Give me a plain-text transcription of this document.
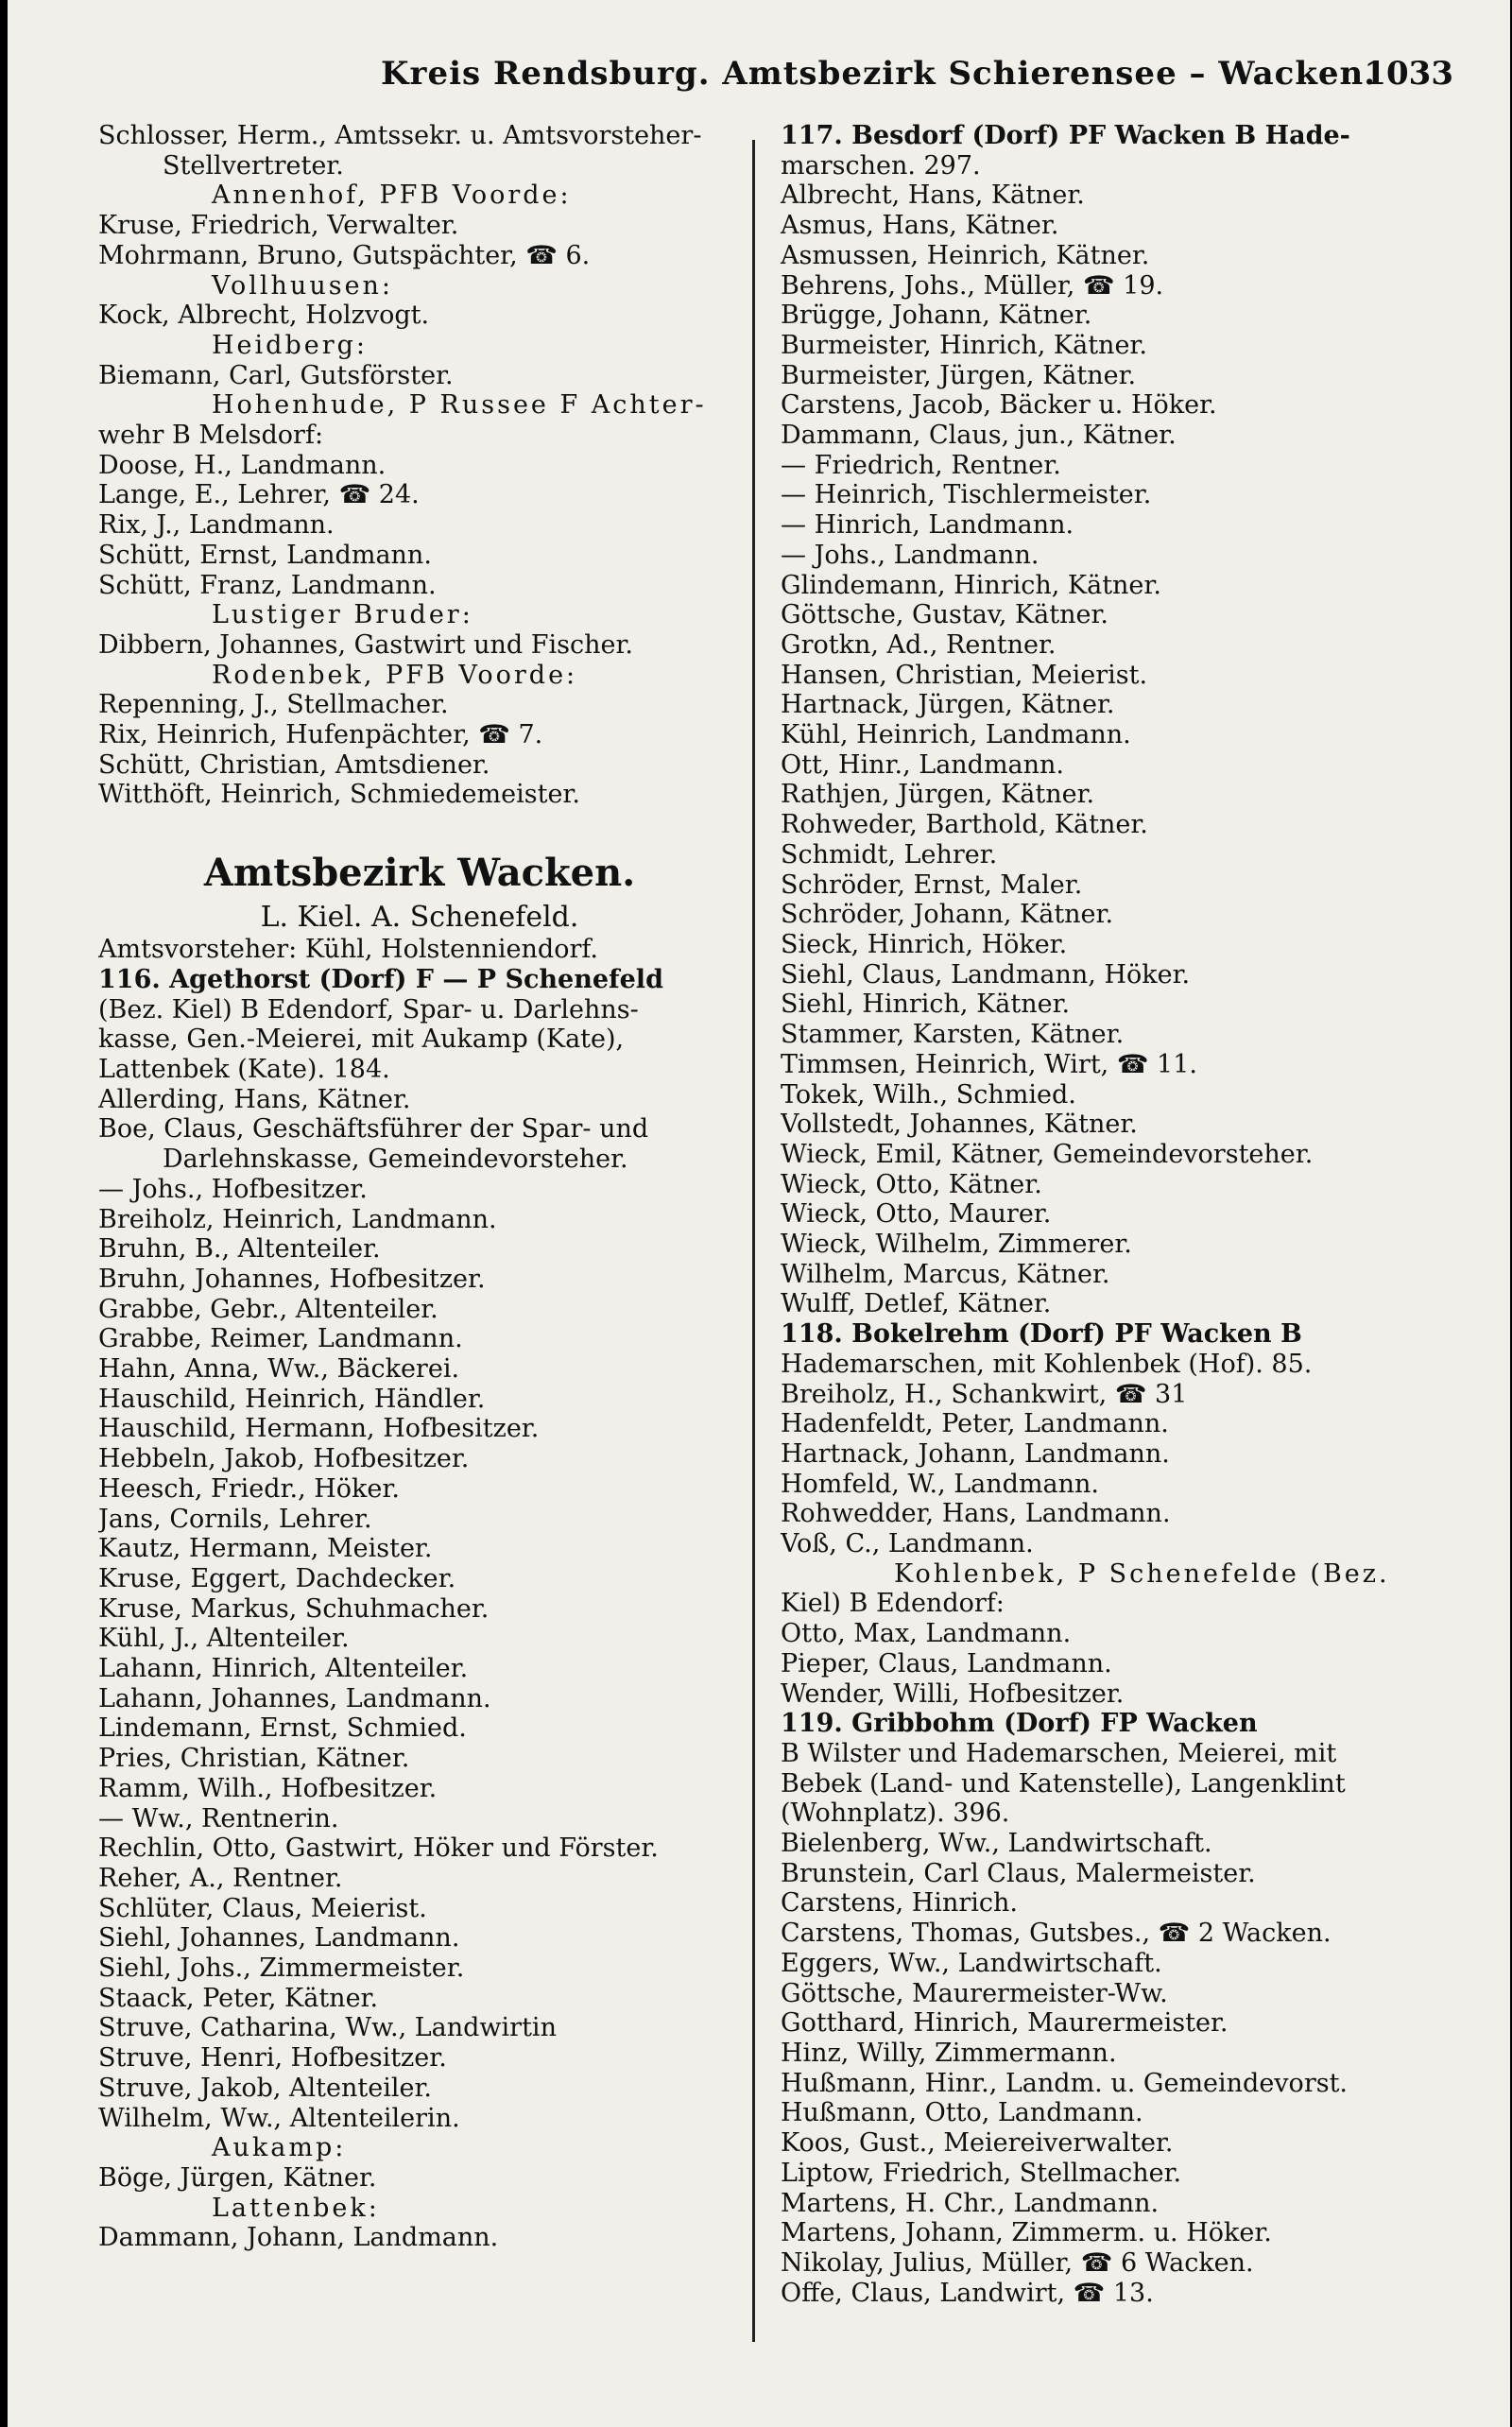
Kreis Rendsburg. Amtsbezirk Schierensee – Wacken.
1033
Schlosser, Herm., Amtssekr. u. Amtsvorsteher-
Stellvertreter.
Annenhof, PFB Voorde:
Kruse, Friedrich, Verwalter.
Mohrmann, Bruno, Gutspächter, ☎ 6.
Vollhuusen:
Kock, Albrecht, Holzvogt.
Heidberg:
Biemann, Carl, Gutsförster.
Hohenhude, P Russee F Achter-
wehr B Melsdorf:
Doose, H., Landmann.
Lange, E., Lehrer, ☎ 24.
Rix, J., Landmann.
Schütt, Ernst, Landmann.
Schütt, Franz, Landmann.
Lustiger Bruder:
Dibbern, Johannes, Gastwirt und Fischer.
Rodenbek, PFB Voorde:
Repenning, J., Stellmacher.
Rix, Heinrich, Hufenpächter, ☎ 7.
Schütt, Christian, Amtsdiener.
Witthöft, Heinrich, Schmiedemeister.
Amtsbezirk Wacken.
L. Kiel. A. Schenefeld.
Amtsvorsteher: Kühl, Holstenniendorf.
116. Agethorst (Dorf) F — P Schenefeld
(Bez. Kiel) B Edendorf, Spar- u. Darlehns-
kasse, Gen.-Meierei, mit Aukamp (Kate),
Lattenbek (Kate). 184.
Allerding, Hans, Kätner.
Boe, Claus, Geschäftsführer der Spar- und
Darlehnskasse, Gemeindevorsteher.
— Johs., Hofbesitzer.
Breiholz, Heinrich, Landmann.
Bruhn, B., Altenteiler.
Bruhn, Johannes, Hofbesitzer.
Grabbe, Gebr., Altenteiler.
Grabbe, Reimer, Landmann.
Hahn, Anna, Ww., Bäckerei.
Hauschild, Heinrich, Händler.
Hauschild, Hermann, Hofbesitzer.
Hebbeln, Jakob, Hofbesitzer.
Heesch, Friedr., Höker.
Jans, Cornils, Lehrer.
Kautz, Hermann, Meister.
Kruse, Eggert, Dachdecker.
Kruse, Markus, Schuhmacher.
Kühl, J., Altenteiler.
Lahann, Hinrich, Altenteiler.
Lahann, Johannes, Landmann.
Lindemann, Ernst, Schmied.
Pries, Christian, Kätner.
Ramm, Wilh., Hofbesitzer.
— Ww., Rentnerin.
Rechlin, Otto, Gastwirt, Höker und Förster.
Reher, A., Rentner.
Schlüter, Claus, Meierist.
Siehl, Johannes, Landmann.
Siehl, Johs., Zimmermeister.
Staack, Peter, Kätner.
Struve, Catharina, Ww., Landwirtin
Struve, Henri, Hofbesitzer.
Struve, Jakob, Altenteiler.
Wilhelm, Ww., Altenteilerin.
Aukamp:
Böge, Jürgen, Kätner.
Lattenbek:
Dammann, Johann, Landmann.
117. Besdorf (Dorf) PF Wacken B Hade-
marschen. 297.
Albrecht, Hans, Kätner.
Asmus, Hans, Kätner.
Asmussen, Heinrich, Kätner.
Behrens, Johs., Müller, ☎ 19.
Brügge, Johann, Kätner.
Burmeister, Hinrich, Kätner.
Burmeister, Jürgen, Kätner.
Carstens, Jacob, Bäcker u. Höker.
Dammann, Claus, jun., Kätner.
— Friedrich, Rentner.
— Heinrich, Tischlermeister.
— Hinrich, Landmann.
— Johs., Landmann.
Glindemann, Hinrich, Kätner.
Göttsche, Gustav, Kätner.
Grotkn, Ad., Rentner.
Hansen, Christian, Meierist.
Hartnack, Jürgen, Kätner.
Kühl, Heinrich, Landmann.
Ott, Hinr., Landmann.
Rathjen, Jürgen, Kätner.
Rohweder, Barthold, Kätner.
Schmidt, Lehrer.
Schröder, Ernst, Maler.
Schröder, Johann, Kätner.
Sieck, Hinrich, Höker.
Siehl, Claus, Landmann, Höker.
Siehl, Hinrich, Kätner.
Stammer, Karsten, Kätner.
Timmsen, Heinrich, Wirt, ☎ 11.
Tokek, Wilh., Schmied.
Vollstedt, Johannes, Kätner.
Wieck, Emil, Kätner, Gemeindevorsteher.
Wieck, Otto, Kätner.
Wieck, Otto, Maurer.
Wieck, Wilhelm, Zimmerer.
Wilhelm, Marcus, Kätner.
Wulff, Detlef, Kätner.
118. Bokelrehm (Dorf) PF Wacken B
Hademarschen, mit Kohlenbek (Hof). 85.
Breiholz, H., Schankwirt, ☎ 31
Hadenfeldt, Peter, Landmann.
Hartnack, Johann, Landmann.
Homfeld, W., Landmann.
Rohwedder, Hans, Landmann.
Voß, C., Landmann.
Kohlenbek, P Schenefelde (Bez.
Kiel) B Edendorf:
Otto, Max, Landmann.
Pieper, Claus, Landmann.
Wender, Willi, Hofbesitzer.
119. Gribbohm (Dorf) FP Wacken
B Wilster und Hademarschen, Meierei, mit
Bebek (Land- und Katenstelle), Langenklint
(Wohnplatz). 396.
Bielenberg, Ww., Landwirtschaft.
Brunstein, Carl Claus, Malermeister.
Carstens, Hinrich.
Carstens, Thomas, Gutsbes., ☎ 2 Wacken.
Eggers, Ww., Landwirtschaft.
Göttsche, Maurermeister-Ww.
Gotthard, Hinrich, Maurermeister.
Hinz, Willy, Zimmermann.
Hußmann, Hinr., Landm. u. Gemeindevorst.
Hußmann, Otto, Landmann.
Koos, Gust., Meiereiverwalter.
Liptow, Friedrich, Stellmacher.
Martens, H. Chr., Landmann.
Martens, Johann, Zimmerm. u. Höker.
Nikolay, Julius, Müller, ☎ 6 Wacken.
Offe, Claus, Landwirt, ☎ 13.
